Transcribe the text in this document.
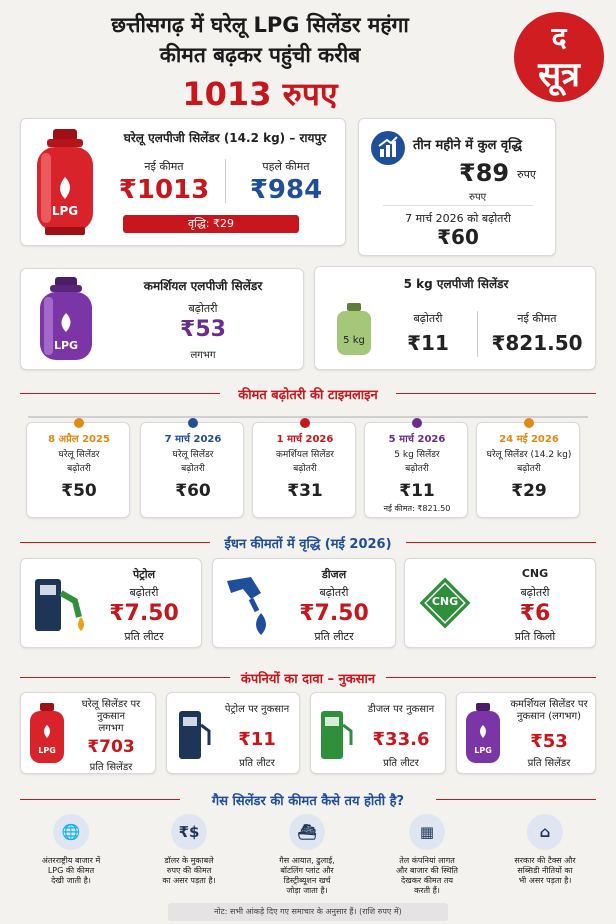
छत्तीसगढ़ में घरेलू LPG सिलेंडर महंगा
कीमत बढ़कर पहुंची करीब
1013 रुपए
द
सूत्र
LPG
घरेलू एलपीजी सिलेंडर (14.2 kg) – रायपुर
नई कीमत
₹1013
पहले कीमत
₹984
वृद्धि: ₹29
तीन महीने में कुल वृद्धि
₹89 रुपए
रुपए
7 मार्च 2026 को बढ़ोतरी
₹60
LPG
कमर्शियल एलपीजी सिलेंडर
बढ़ोतरी
₹53
लगभग
5 kg एलपीजी सिलेंडर
5 kg
बढ़ोतरी
₹11
नई कीमत
₹821.50
कीमत बढ़ोतरी की टाइमलाइन
8 अप्रैल 2025
घरेलू सिलेंडर
बढ़ोतरी
₹50
7 मार्च 2026
घरेलू सिलेंडर
बढ़ोतरी
₹60
1 मार्च 2026
कमर्शियल सिलेंडर
बढ़ोतरी
₹31
5 मार्च 2026
5 kg सिलेंडर
बढ़ोतरी
₹11
नई कीमत: ₹821.50
24 मई 2026
घरेलू सिलेंडर (14.2 kg)
बढ़ोतरी
₹29
ईंधन कीमतों में वृद्धि (मई 2026)
पेट्रोल
बढ़ोतरी
₹7.50
प्रति लीटर
डीजल
बढ़ोतरी
₹7.50
प्रति लीटर
CNG
CNG
बढ़ोतरी
₹6
प्रति किलो
कंपनियों का दावा – नुकसान
LPG
घरेलू सिलेंडर पर
नुकसान
लगभग
₹703
प्रति सिलेंडर
पेट्रोल पर नुकसान
₹11
प्रति लीटर
डीजल पर नुकसान
₹33.6
प्रति लीटर
LPG
कमर्शियल सिलेंडर पर
नुकसान (लगभग)
₹53
प्रति सिलेंडर
गैस सिलेंडर की कीमत कैसे तय होती है?
🌐
अंतरराष्ट्रीय बाजार में
LPG की कीमत
देखी जाती है।
₹$
डॉलर के मुकाबले
रुपए की कीमत
का असर पड़ता है।
⛴
गैस आयात, ढुलाई,
बॉटलिंग प्लांट और
डिस्ट्रीब्यूशन खर्च
जोड़ा जाता है।
▦
तेल कंपनियां लागत
और बाजार की स्थिति
देखकर कीमत तय
करती हैं।
⌂
सरकार की टैक्स और
सब्सिडी नीतियों का
भी असर पड़ता है।
नोट: सभी आंकड़े दिए गए समाचार के अनुसार हैं। (राशि रुपए में)
